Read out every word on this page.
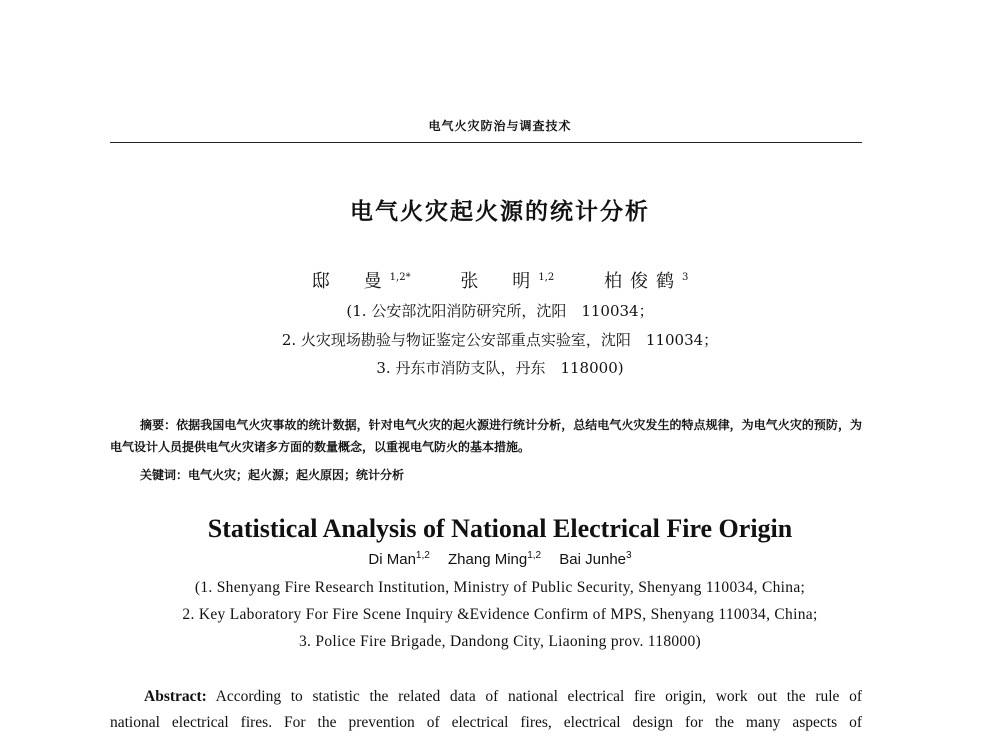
电气火灾防治与调查技术
电气火灾起火源的统计分析
邸　曼$^{1,2*}$	张　明$^{1,2}$	柏俊鹤$^3$
(1. 公安部沈阳消防研究所，沈阳　110034；
2. 火灾现场勘验与物证鉴定公安部重点实验室，沈阳　110034；
3. 丹东市消防支队，丹东　118000)
摘要：依据我国电气火灾事故的统计数据，针对电气火灾的起火源进行统计分析，总结电气火灾发生的特点规律，为电气火灾的预防，为电气设计人员提供电气火灾诸多方面的数量概念，以重视电气防火的基本措施。
关键词：电气火灾；起火源；起火原因；统计分析
Statistical Analysis of National Electrical Fire Origin
Di Man$^{1,2}$ Zhang Ming$^{1,2}$ Bai Junhe$^3$
(1. Shenyang Fire Research Institution, Ministry of Public Security, Shenyang 110034, China;
2. Key Laboratory For Fire Scene Inquiry &Evidence Confirm of MPS, Shenyang 110034, China;
3. Police Fire Brigade, Dandong City, Liaoning prov. 118000)
Abstract: According to statistic the related data of national electrical fire origin, work out the rule of
national electrical fires. For the prevention of electrical fires, electrical design for the many aspects of
